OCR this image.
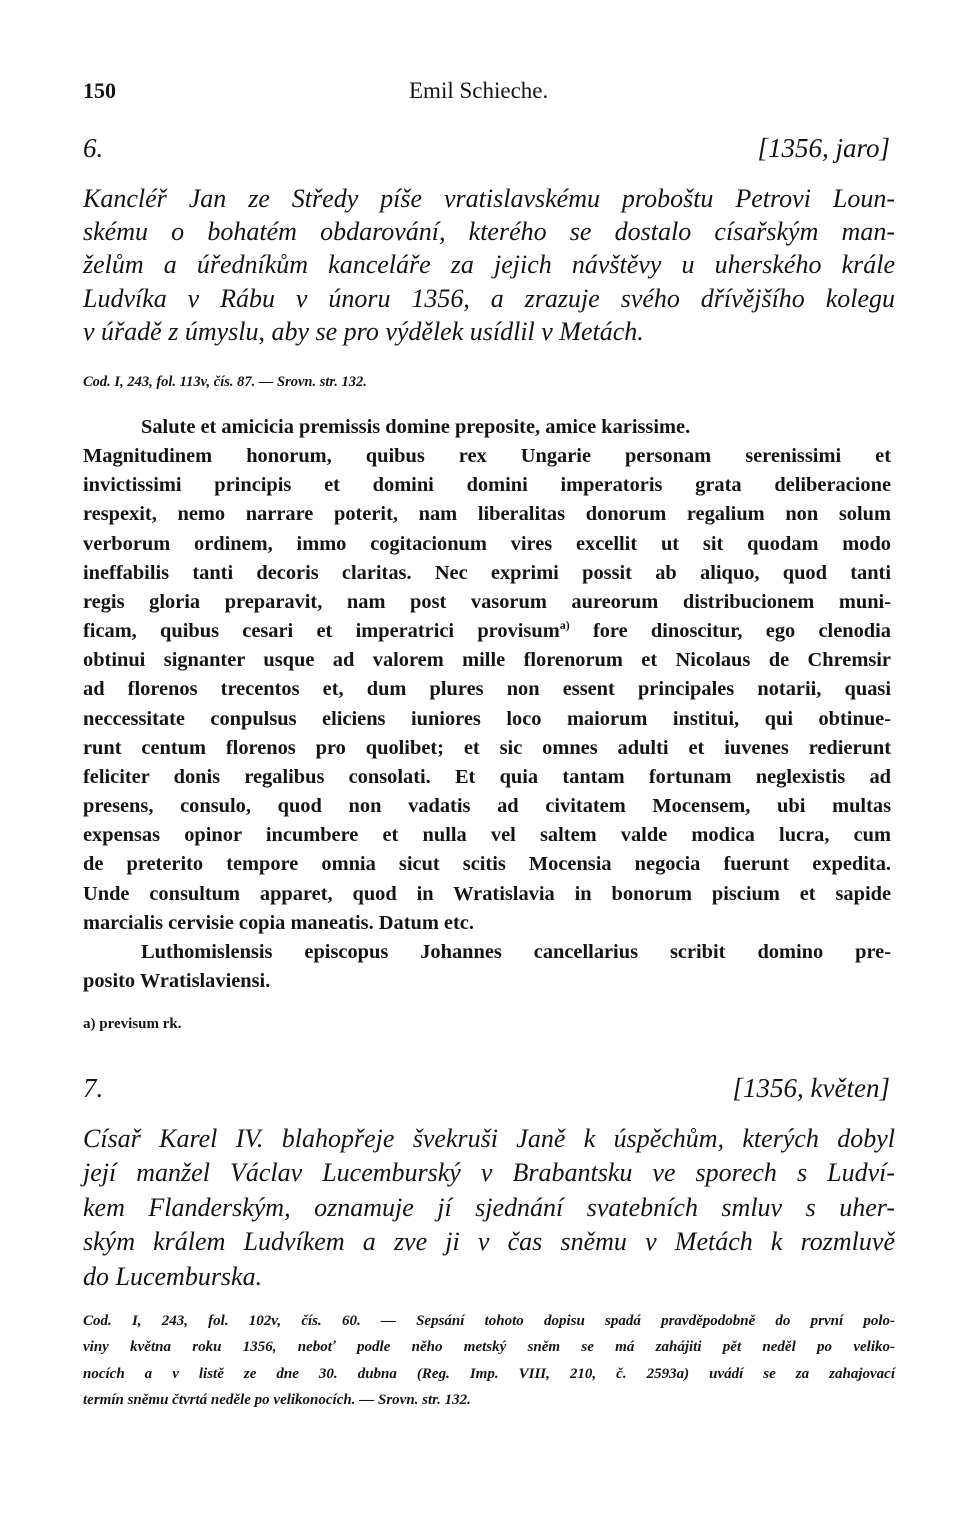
150	Emil Schieche.
6.	[1356, jaro]
Kancléř Jan ze Středy píše vratislavskému proboštu Petrovi Loun-
skému o bohatém obdarování, kterého se dostalo císařským man-
želům a úředníkům kanceláře za jejich návštěvy u uherského krále
Ludvíka v Rábu v únoru 1356, a zrazuje svého dřívějšího kolegu
v úřadě z úmyslu, aby se pro výdělek usídlil v Metách.
Cod. I, 243, fol. 113v, čís. 87. — Srovn. str. 132.
Salute et amicicia premissis domine preposite, amice karissime.
Magnitudinem honorum, quibus rex Ungarie personam serenissimi et
invictissimi principis et domini domini imperatoris grata deliberacione
respexit, nemo narrare poterit, nam liberalitas donorum regalium non solum
verborum ordinem, immo cogitacionum vires excellit ut sit quodam modo
ineffabilis tanti decoris claritas. Nec exprimi possit ab aliquo, quod tanti
regis gloria preparavit, nam post vasorum aureorum distribucionem muni-
ficam, quibus cesari et imperatrici provisum$^{a)}$ fore dinoscitur, ego clenodia
obtinui signanter usque ad valorem mille florenorum et Nicolaus de Chremsir
ad florenos trecentos et, dum plures non essent principales notarii, quasi
neccessitate conpulsus eliciens iuniores loco maiorum institui, qui obtinue-
runt centum florenos pro quolibet; et sic omnes adulti et iuvenes redierunt
feliciter donis regalibus consolati. Et quia tantam fortunam neglexistis ad
presens, consulo, quod non vadatis ad civitatem Mocensem, ubi multas
expensas opinor incumbere et nulla vel saltem valde modica lucra, cum
de preterito tempore omnia sicut scitis Mocensia negocia fuerunt expedita.
Unde consultum apparet, quod in Wratislavia in bonorum piscium et sapide
marcialis cervisie copia maneatis. Datum etc.
Luthomislensis episcopus Johannes cancellarius scribit domino pre-
posito Wratislaviensi.
a) previsum rk.
7.	[1356, květen]
Císař Karel IV. blahopřeje švekruši Janě k úspěchům, kterých dobyl
její manžel Václav Lucemburský v Brabantsku ve sporech s Ludví-
kem Flanderským, oznamuje jí sjednání svatebních smluv s uher-
ským králem Ludvíkem a zve ji v čas sněmu v Metách k rozmluvě
do Lucemburska.
Cod. I, 243, fol. 102v, čís. 60. — Sepsání tohoto dopisu spadá pravděpodobně do první polo-
viny května roku 1356, neboť podle něho metský sněm se má zahájiti pět neděl po veliko-
nocích a v listě ze dne 30. dubna (Reg. Imp. VIII, 210, č. 2593a) uvádí se za zahajovací
termín sněmu čtvrtá neděle po velikonocích. — Srovn. str. 132.
